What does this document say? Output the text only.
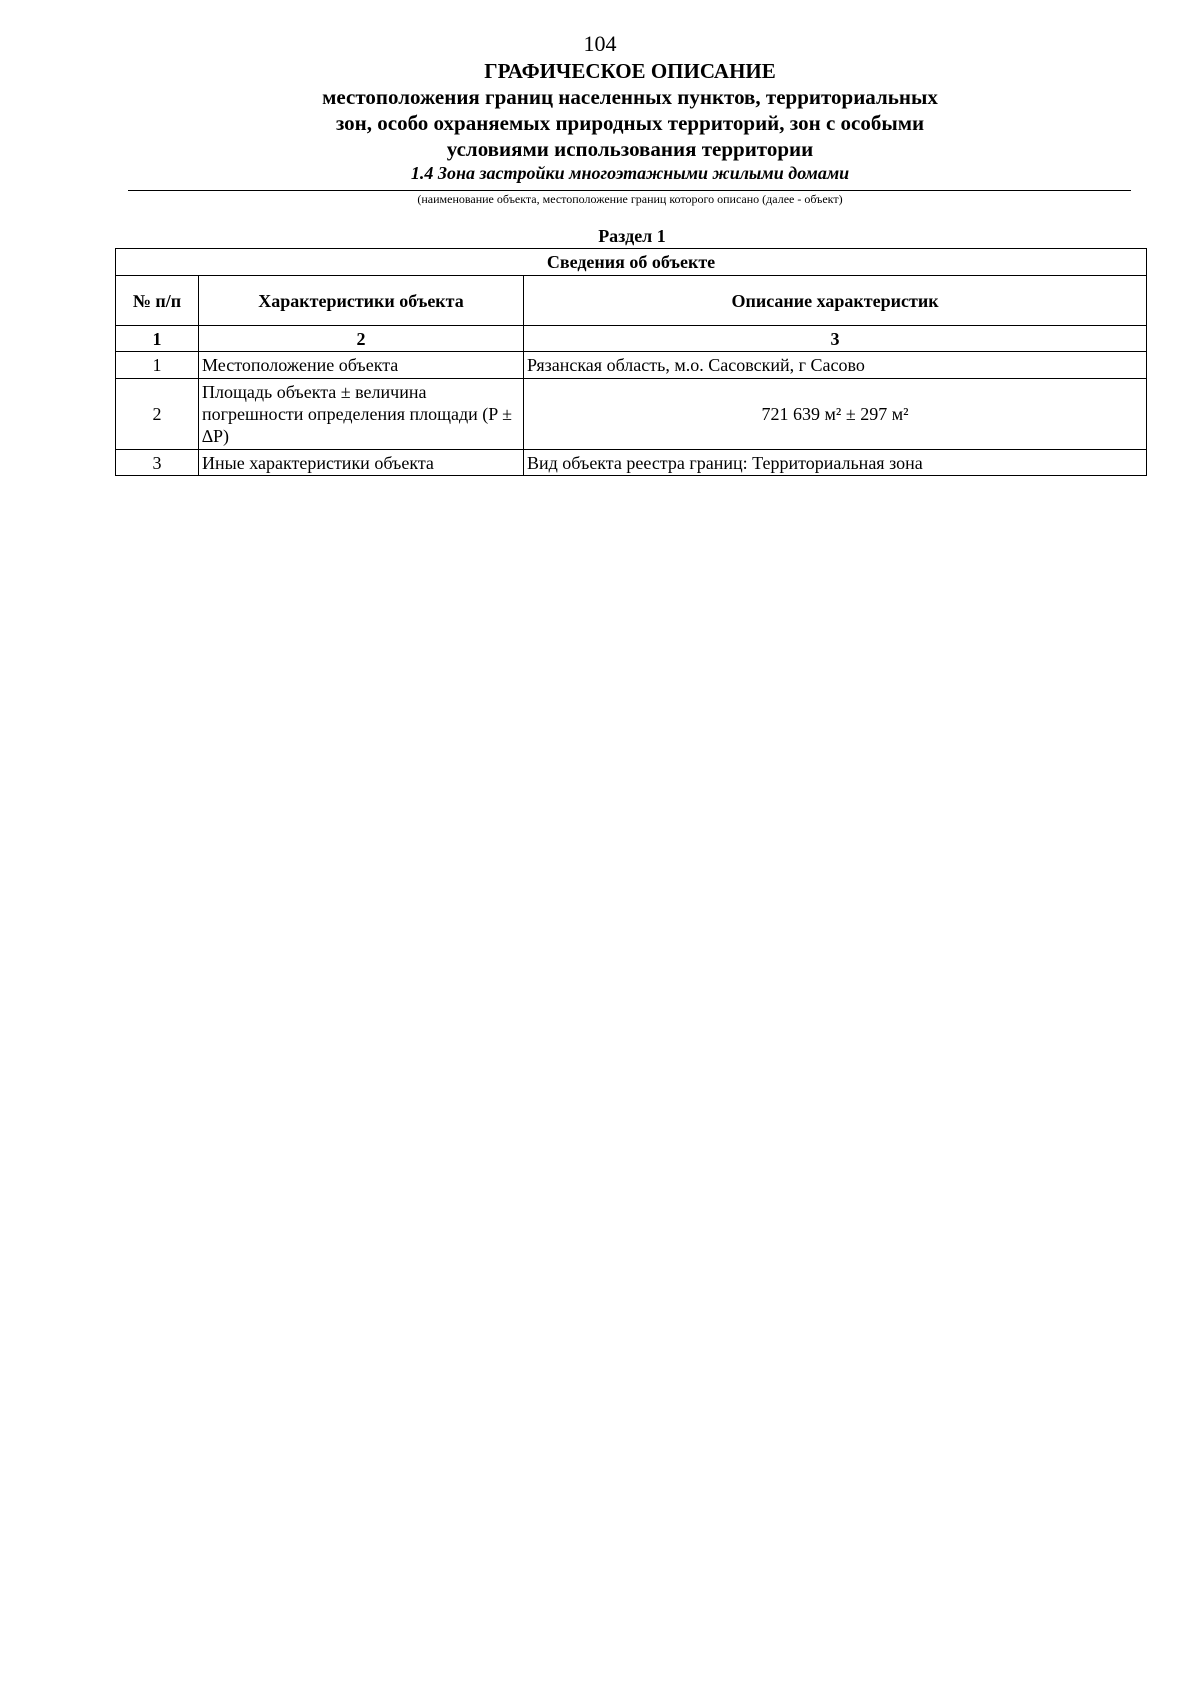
104
ГРАФИЧЕСКОЕ ОПИСАНИЕ
местоположения границ населенных пунктов, территориальных
зон, особо охраняемых природных территорий, зон с особыми
условиями использования территории
1.4 Зона застройки многоэтажными жилыми домами
(наименование объекта, местоположение границ которого описано (далее - объект)
Раздел 1
Сведения об объекте		
№ п/п	Характеристики объекта	Описание характеристик
1	2	3
1	Местоположение объекта	Рязанская область, м.о. Сасовский, г Сасово
2	Площадь объекта ± величина погрешности определения площади (P ± ∆P)	721 639 м² ± 297 м²
3	Иные характеристики объекта	Вид объекта реестра границ: Территориальная зона
